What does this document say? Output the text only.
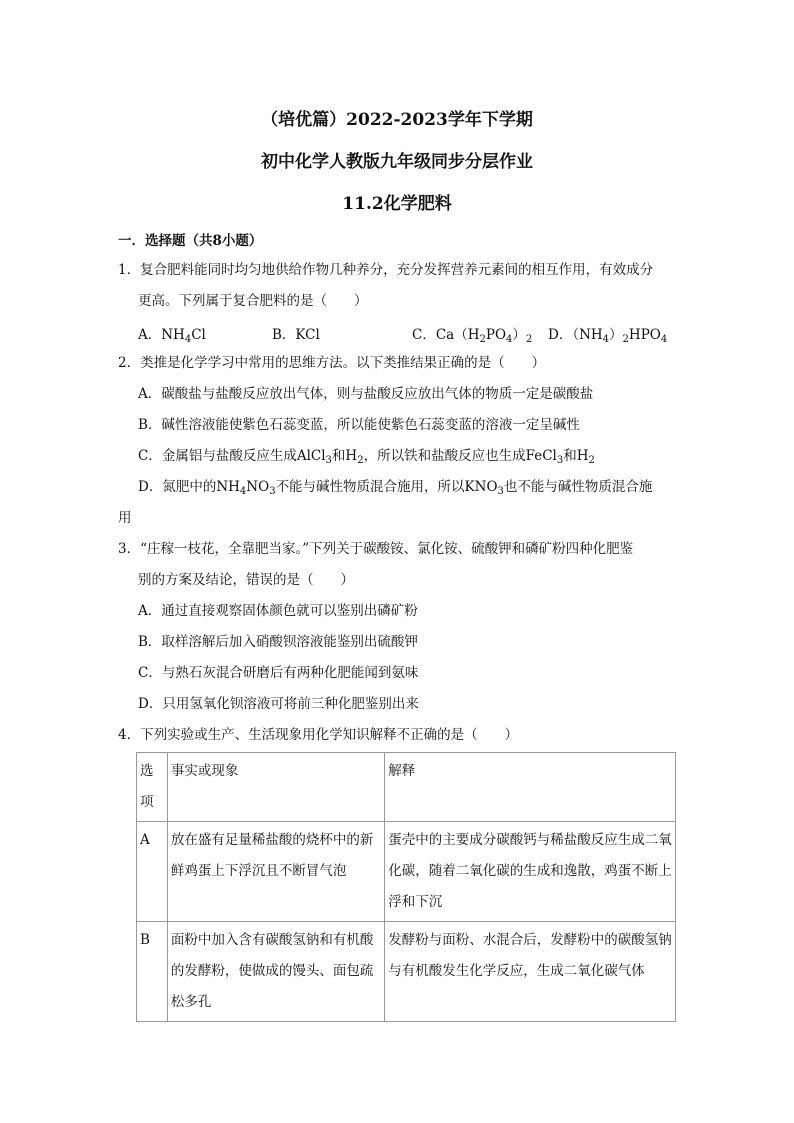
（培优篇）2022-2023学年下学期
初中化学人教版九年级同步分层作业
11.2化学肥料
一．选择题（共8小题）
1．复合肥料能同时均匀地供给作物几种养分，充分发挥营养元素间的相互作用，有效成分
更高。下列属于复合肥料的是（　　）
A．$NH_4Cl$	B．KCl	C．$Ca(H_2PO_4)_2$ D．$(NH_4)_2HPO_4$
2．类推是化学学习中常用的思维方法。以下类推结果正确的是（　　）
A．碳酸盐与盐酸反应放出气体，则与盐酸反应放出气体的物质一定是碳酸盐
B．碱性溶液能使紫色石蕊变蓝，所以能使紫色石蕊变蓝的溶液一定呈碱性
C．金属铝与盐酸反应生成AlCl$_3$和$H_2$，所以铁和盐酸反应也生成FeCl$_3$和$H_2$
D．氮肥中的$NH_4NO_3$不能与碱性物质混合施用，所以$KNO_3$也不能与碱性物质混合施
用
3．“庄稼一枝花，全靠肥当家。”下列关于碳酸铵、氯化铵、硫酸钾和磷矿粉四种化肥鉴
别的方案及结论，错误的是（　　）
A．通过直接观察固体颜色就可以鉴别出磷矿粉
B．取样溶解后加入硝酸钡溶液能鉴别出硫酸钾
C．与熟石灰混合研磨后有两种化肥能闻到氨味
D．只用氢氧化钡溶液可将前三种化肥鉴别出来
4．下列实验或生产、生活现象用化学知识解释不正确的是（　　）
选项	事实或现象	解释
A	放在盛有足量稀盐酸的烧杯中的新鲜鸡蛋上下浮沉且不断冒气泡	蛋壳中的主要成分碳酸钙与稀盐酸反应生成二氧化碳，随着二氧化碳的生成和逸散，鸡蛋不断上浮和下沉
B	面粉中加入含有碳酸氢钠和有机酸的发酵粉，使做成的馒头、面包疏松多孔	发酵粉与面粉、水混合后，发酵粉中的碳酸氢钠与有机酸发生化学反应，生成二氧化碳气体
